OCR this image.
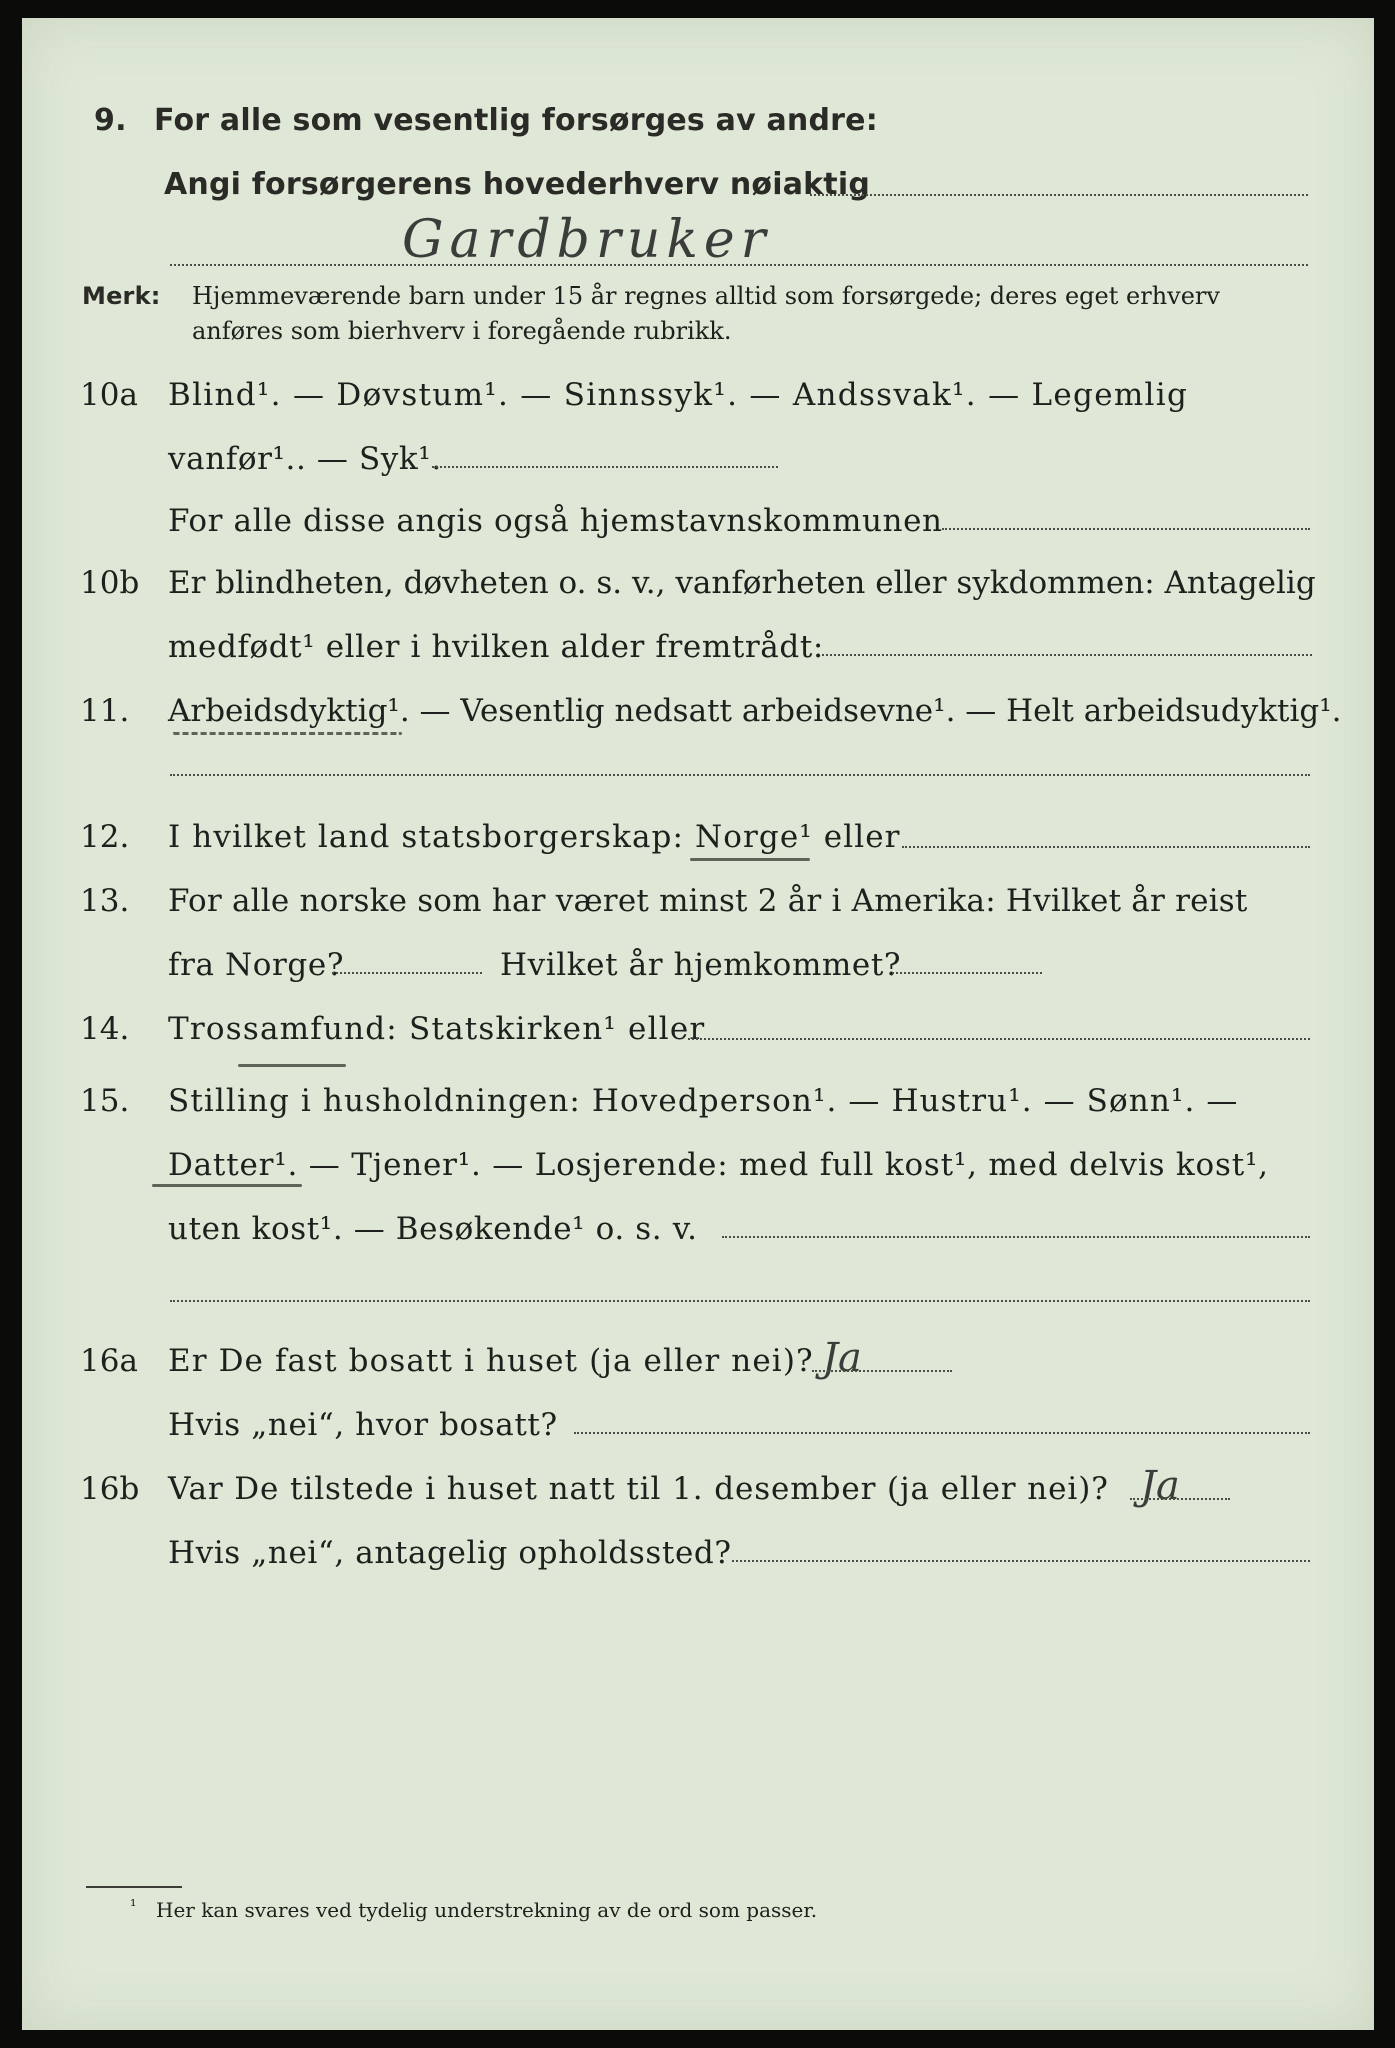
9. For alle som vesentlig forsørges av andre:
Angi forsørgerens hovederhverv nøiaktig
Gardbruker
Merk: Hjemmeværende barn under 15 år regnes alltid som forsørgede; deres eget erhverv
anføres som bierhverv i foregående rubrikk.
10a Blind¹. — Døvstum¹. — Sinnssyk¹. — Andssvak¹. — Legemlig
vanfør¹.. — Syk¹.
For alle disse angis også hjemstavnskommunen
10b Er blindheten, døvheten o. s. v., vanførheten eller sykdommen: Antagelig
medfødt¹ eller i hvilken alder fremtrådt:
11. Arbeidsdyktig¹. — Vesentlig nedsatt arbeidsevne¹. — Helt arbeidsudyktig¹.
12. I hvilket land statsborgerskap: Norge¹ eller
13. For alle norske som har været minst 2 år i Amerika: Hvilket år reist
fra Norge?	Hvilket år hjemkommet?
14. Trossamfund: Statskirken¹ eller
15. Stilling i husholdningen: Hovedperson¹. — Hustru¹. — Sønn¹. —
Datter¹. — Tjener¹. — Losjerende: med full kost¹, med delvis kost¹,
uten kost¹. — Besøkende¹ o. s. v.
16a Er De fast bosatt i huset (ja eller nei)? Ja
Hvis „nei“, hvor bosatt?
16b Var De tilstede i huset natt til 1. desember (ja eller nei)? Ja
Hvis „nei“, antagelig opholdssted?
¹ Her kan svares ved tydelig understrekning av de ord som passer.
